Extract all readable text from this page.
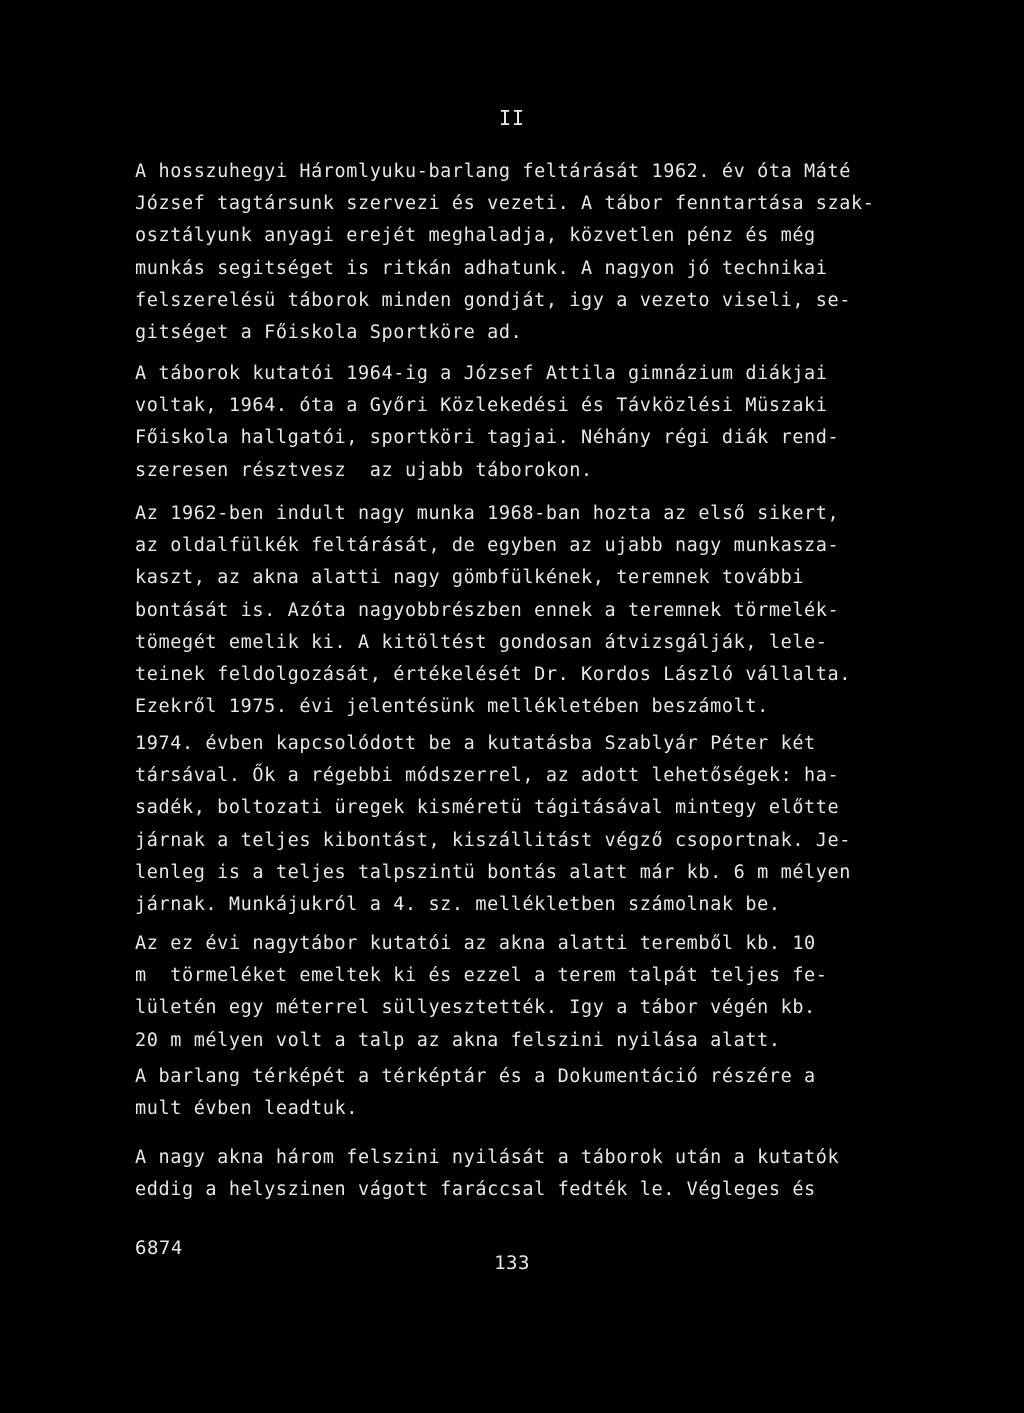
II
A hosszuhegyi Háromlyuku-barlang feltárását 1962. év óta Máté
József tagtársunk szervezi és vezeti. A tábor fenntartása szak-
osztályunk anyagi erejét meghaladja, közvetlen pénz és még
munkás segitséget is ritkán adhatunk. A nagyon jó technikai
felszerelésü táborok minden gondját, igy a vezeto viseli, se-
gitséget a Főiskola Sportköre ad.
A táborok kutatói 1964-ig a József Attila gimnázium diákjai
voltak, 1964. óta a Győri Közlekedési és Távközlési Müszaki
Főiskola hallgatói, sportköri tagjai. Néhány régi diák rend-
szeresen résztvesz  az ujabb táborokon.
Az 1962-ben indult nagy munka 1968-ban hozta az első sikert,
az oldalfülkék feltárását, de egyben az ujabb nagy munkasza-
kaszt, az akna alatti nagy gömbfülkének, teremnek további
bontását is. Azóta nagyobbrészben ennek a teremnek törmelék-
tömegét emelik ki. A kitöltést gondosan átvizsgálják, lele-
teinek feldolgozását, értékelését Dr. Kordos László vállalta.
Ezekről 1975. évi jelentésünk mellékletében beszámolt.
1974. évben kapcsolódott be a kutatásba Szablyár Péter két
társával. Ők a régebbi módszerrel, az adott lehetőségek: ha-
sadék, boltozati üregek kisméretü tágitásával mintegy előtte
járnak a teljes kibontást, kiszállitást végző csoportnak. Je-
lenleg is a teljes talpszintü bontás alatt már kb. 6 m mélyen
járnak. Munkájukról a 4. sz. mellékletben számolnak be.
Az ez évi nagytábor kutatói az akna alatti teremből kb. 10
m  törmeléket emeltek ki és ezzel a terem talpát teljes fe-
lületén egy méterrel süllyesztették. Igy a tábor végén kb.
20 m mélyen volt a talp az akna felszini nyilása alatt.
A barlang térképét a térképtár és a Dokumentáció részére a
mult évben leadtuk.
A nagy akna három felszini nyilását a táborok után a kutatók
eddig a helyszinen vágott faráccsal fedték le. Végleges és
6874
133
